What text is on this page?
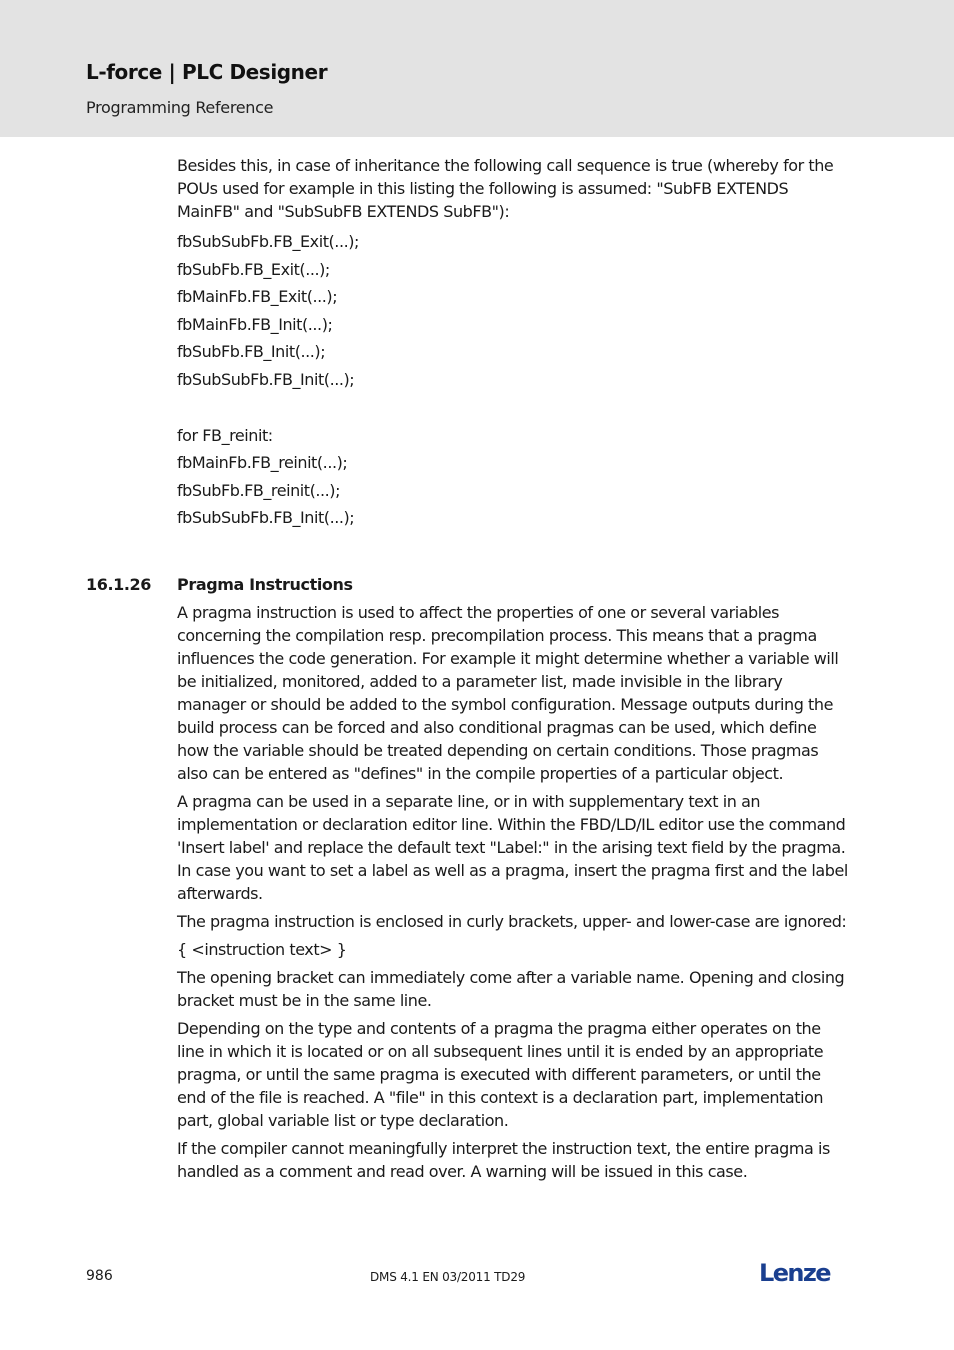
L-force | PLC Designer
Programming Reference

Besides this, in case of inheritance the following call sequence is true (whereby for the POUs used for example in this listing the following is assumed: "SubFB EXTENDS MainFB" and "SubSubFB EXTENDS SubFB"):

fbSubSubFb.FB_Exit(...);

fbSubFb.FB_Exit(...);

fbMainFb.FB_Exit(...);

fbMainFb.FB_Init(...);

fbSubFb.FB_Init(...);

fbSubSubFb.FB_Init(...);

for FB_reinit:

fbMainFb.FB_reinit(...);

fbSubFb.FB_reinit(...);

fbSubSubFb.FB_Init(...);

16.1.26 Pragma Instructions

A pragma instruction is used to affect the properties of one or several variables concerning the compilation resp. precompilation process. This means that a pragma influences the code generation. For example it might determine whether a variable will be initialized, monitored, added to a parameter list, made invisible in the library manager or should be added to the symbol configuration. Message outputs during the build process can be forced and also conditional pragmas can be used, which define how the variable should be treated depending on certain conditions. Those pragmas also can be entered as "defines" in the compile properties of a particular object.

A pragma can be used in a separate line, or in with supplementary text in an implementation or declaration editor line. Within the FBD/LD/IL editor use the command 'Insert label' and replace the default text "Label:" in the arising text field by the pragma. In case you want to set a label as well as a pragma, insert the pragma first and the label afterwards.

The pragma instruction is enclosed in curly brackets, upper- and lower-case are ignored:

{ <instruction text> }

The opening bracket can immediately come after a variable name. Opening and closing bracket must be in the same line.

Depending on the type and contents of a pragma the pragma either operates on the line in which it is located or on all subsequent lines until it is ended by an appropriate pragma, or until the same pragma is executed with different parameters, or until the end of the file is reached. A "file" in this context is a declaration part, implementation part, global variable list or type declaration.

If the compiler cannot meaningfully interpret the instruction text, the entire pragma is handled as a comment and read over. A warning will be issued in this case.

986	DMS 4.1 EN 03/2011 TD29	Lenze
